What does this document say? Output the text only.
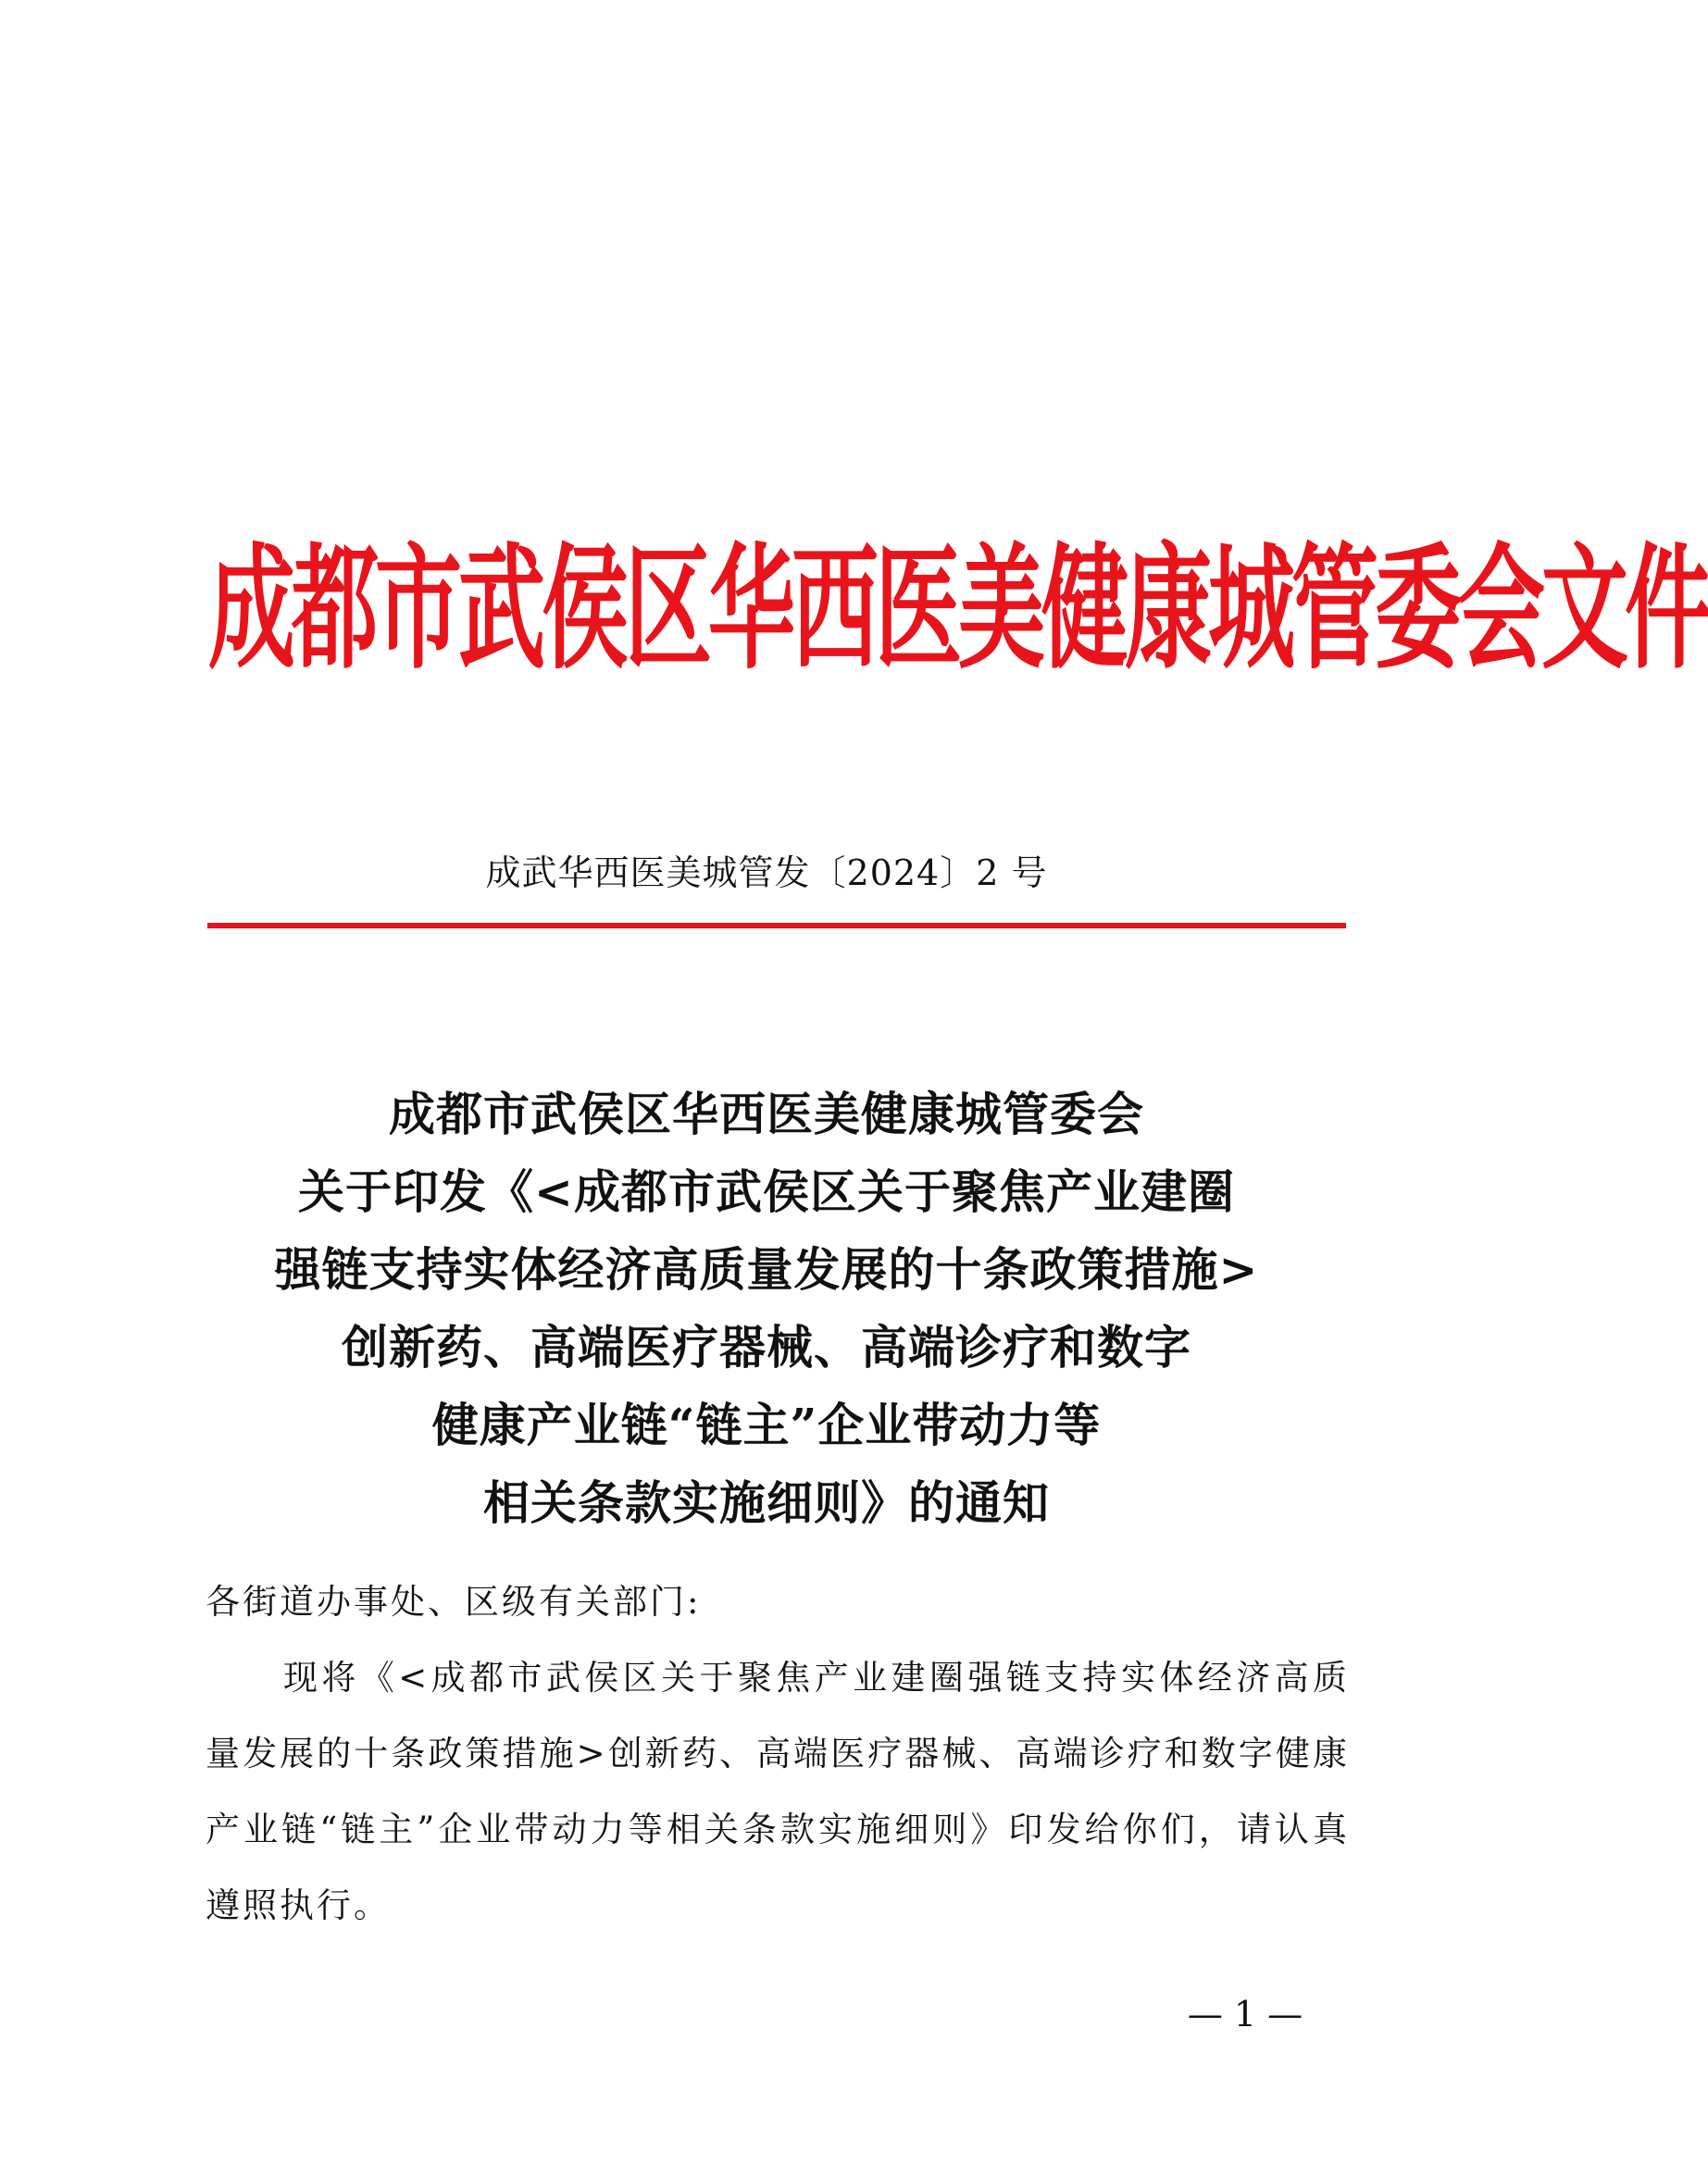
成都市武侯区华西医美健康城管委会文件
成武华西医美城管发〔2024〕2 号
成都市武侯区华西医美健康城管委会
关于印发《<成都市武侯区关于聚焦产业建圈
强链支持实体经济高质量发展的十条政策措施>
创新药、高端医疗器械、高端诊疗和数字
健康产业链“链主”企业带动力等
相关条款实施细则》的通知
各街道办事处、区级有关部门:
现将《<成都市武侯区关于聚焦产业建圈强链支持实体经济高质量发展的十条政策措施>创新药、高端医疗器械、高端诊疗和数字健康产业链“链主”企业带动力等相关条款实施细则》印发给你们，请认真遵照执行。
— 1 —
